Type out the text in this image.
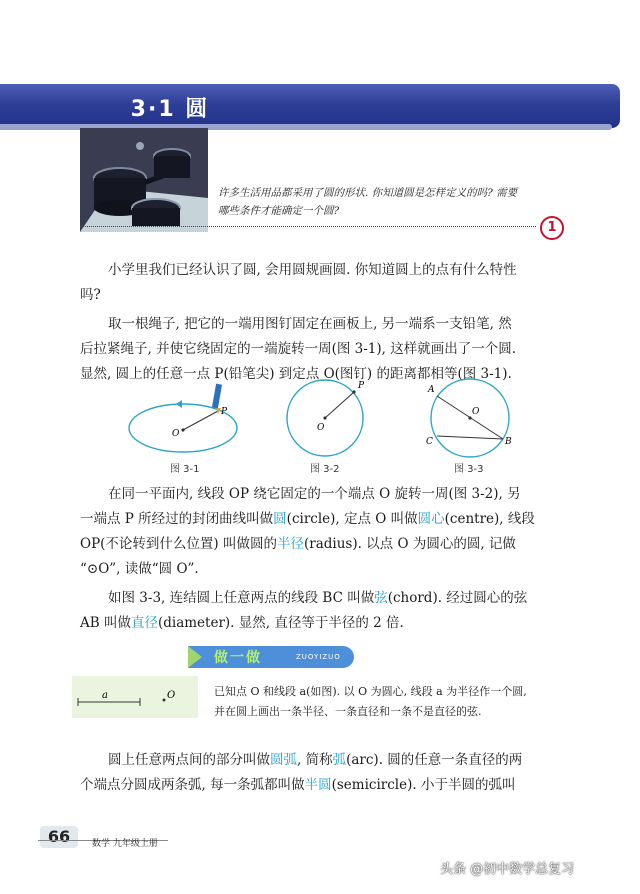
3·1 圆
许多生活用品都采用了圆的形状. 你知道圆是怎样定义的吗? 需要
哪些条件才能确定一个圆?
1

小学里我们已经认识了圆, 会用圆规画圆. 你知道圆上的点有什么特性

吗?

取一根绳子, 把它的一端用图钉固定在画板上, 另一端系一支铅笔, 然

后拉紧绳子, 并使它绕固定的一端旋转一周(图 3-1), 这样就画出了一个圆.

显然, 圆上的任意一点 P(铅笔尖) 到定点 O(图钉) 的距离都相等(图 3-1).

P
O
P
O
A
O
C	B
图 3-1	图 3-2	图 3-3

在同一平面内, 线段 OP 绕它固定的一个端点 O 旋转一周(图 3-2), 另

一端点 P 所经过的封闭曲线叫做圆(circle), 定点 O 叫做圆心(centre), 线段

OP(不论转到什么位置) 叫做圆的半径(radius). 以点 O 为圆心的圆, 记做

“⊙O”, 读做“圆 O”.

如图 3-3, 连结圆上任意两点的线段 BC 叫做弦(chord). 经过圆心的弦

AB 叫做直径(diameter). 显然, 直径等于半径的 2 倍.

做一做	ZUOYIZUO
a	O	已知点 O 和线段 a(如图). 以 O 为圆心, 线段 a 为半径作一个圆,
并在圆上画出一条半径、一条直径和一条不是直径的弦.

圆上任意两点间的部分叫做圆弧, 简称弧(arc). 圆的任意一条直径的两

个端点分圆成两条弧, 每一条弧都叫做半圆(semicircle). 小于半圆的弧叫

66	数学 九年级上册
头条 @初中数学总复习
